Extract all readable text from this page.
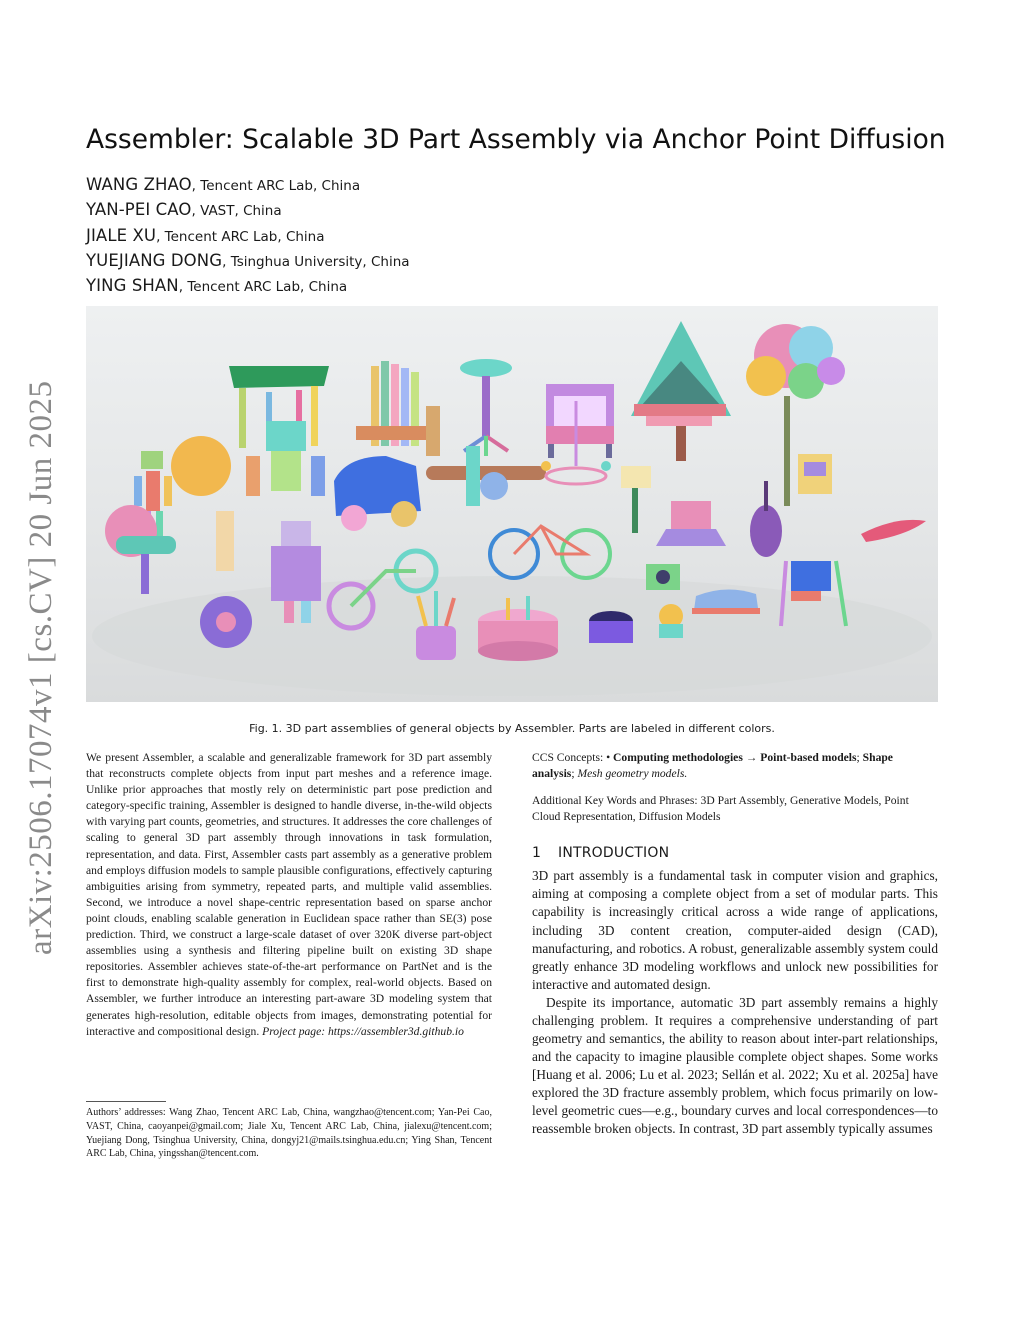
arXiv:2506.17074v1 [cs.CV] 20 Jun 2025
Assembler: Scalable 3D Part Assembly via Anchor Point Diffusion
WANG ZHAO, Tencent ARC Lab, China
YAN-PEI CAO, VAST, China
JIALE XU, Tencent ARC Lab, China
YUEJIANG DONG, Tsinghua University, China
YING SHAN, Tencent ARC Lab, China
Fig. 1. 3D part assemblies of general objects by Assembler. Parts are labeled in different colors.

We present Assembler, a scalable and generalizable framework for 3D part assembly that reconstructs complete objects from input part meshes and a reference image. Unlike prior approaches that mostly rely on deterministic part pose prediction and category-specific training, Assembler is designed to handle diverse, in-the-wild objects with varying part counts, geometries, and structures. It addresses the core challenges of scaling to general 3D part assembly through innovations in task formulation, representation, and data. First, Assembler casts part assembly as a generative problem and employs diffusion models to sample plausible configurations, effectively capturing ambiguities arising from symmetry, repeated parts, and multiple valid assemblies. Second, we introduce a novel shape-centric representation based on sparse anchor point clouds, enabling scalable generation in Euclidean space rather than SE(3) pose prediction. Third, we construct a large-scale dataset of over 320K diverse part-object assemblies using a synthesis and filtering pipeline built on existing 3D shape repositories. Assembler achieves state-of-the-art performance on PartNet and is the first to demonstrate high-quality assembly for complex, real-world objects. Based on Assembler, we further introduce an interesting part-aware 3D modeling system that generates high-resolution, editable objects from images, demonstrating potential for interactive and compositional design. Project page: https://assembler3d.github.io

Authors’ addresses: Wang Zhao, Tencent ARC Lab, China, wangzhao@tencent.com; Yan-Pei Cao, VAST, China, caoyanpei@gmail.com; Jiale Xu, Tencent ARC Lab, China, jialexu@tencent.com; Yuejiang Dong, Tsinghua University, China, dongyj21@mails.tsinghua.edu.cn; Ying Shan, Tencent ARC Lab, China, yingsshan@tencent.com.

CCS Concepts: • Computing methodologies → Point-based models; Shape analysis; Mesh geometry models.

Additional Key Words and Phrases: 3D Part Assembly, Generative Models, Point Cloud Representation, Diffusion Models

1 INTRODUCTION

3D part assembly is a fundamental task in computer vision and graphics, aiming at composing a complete object from a set of modular parts. This capability is increasingly critical across a wide range of applications, including 3D content creation, computer-aided design (CAD), manufacturing, and robotics. A robust, generalizable assembly system could greatly enhance 3D modeling workflows and unlock new possibilities for interactive and automated design.

Despite its importance, automatic 3D part assembly remains a highly challenging problem. It requires a comprehensive understanding of part geometry and semantics, the ability to reason about inter-part relationships, and the capacity to imagine plausible complete object shapes. Some works [Huang et al. 2006; Lu et al. 2023; Sellán et al. 2022; Xu et al. 2025a] have explored the 3D fracture assembly problem, which focus primarily on low-level geometric cues—e.g., boundary curves and local correspondences—to reassemble broken objects. In contrast, 3D part assembly typically assumes
